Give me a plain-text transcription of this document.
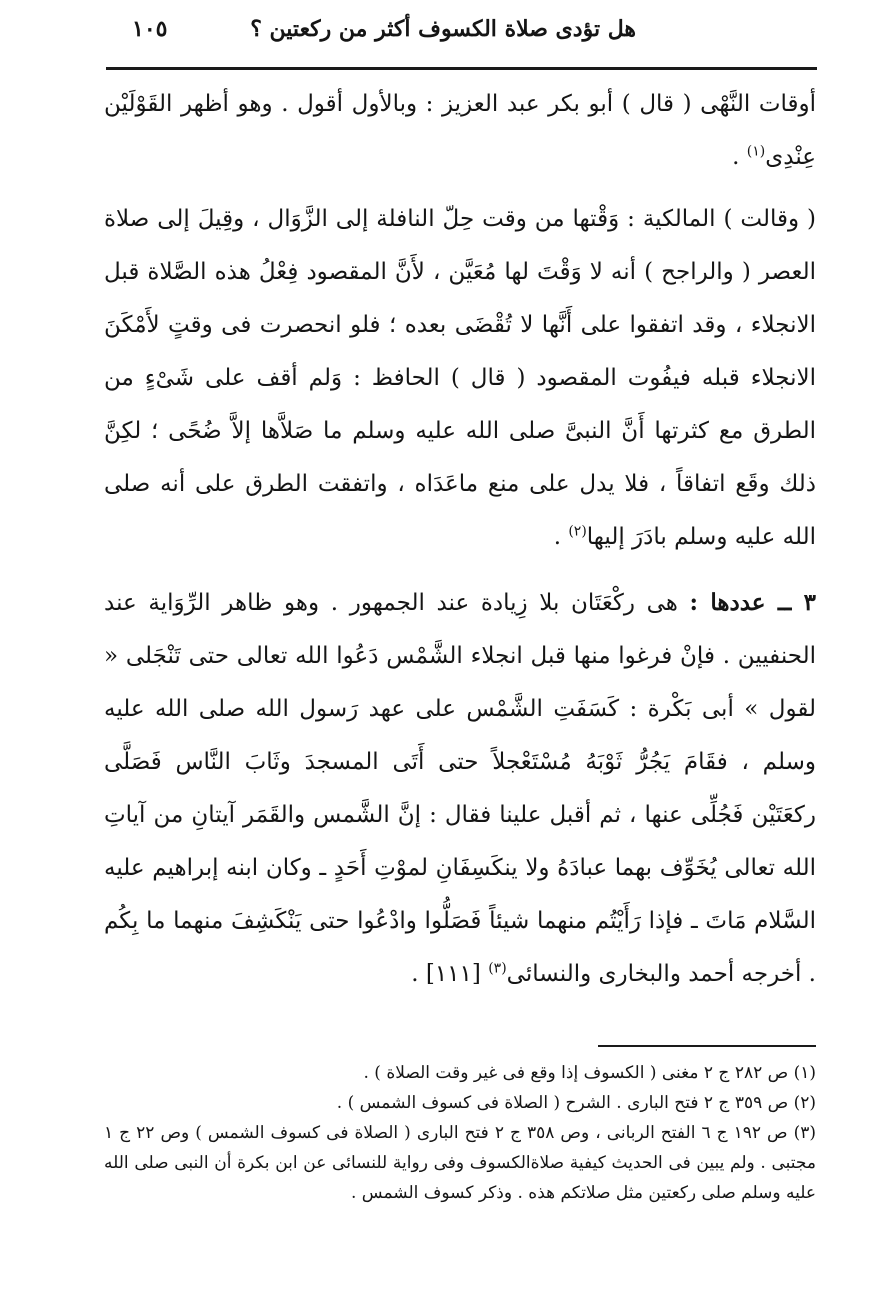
هل تؤدى صلاة الكسوف أكثر من ركعتين ؟
١٠٥

أوقات النَّهْى ( قال ) أبو بكر عبد العزيز : وبالأول أقول . وهو أظهر القَوْلَيْن عِنْدِى$^{(١)}$ .

( وقالت ) المالكية : وَقْتها من وقت حِلّ النافلة إلى الزَّوَال ، وقِيلَ إلى صلاة العصر ( والراجح ) أنه لا وَقْتَ لها مُعَيَّن ، لأَنَّ المقصود فِعْلُ هذه الصَّلاة قبل الانجلاء ، وقد اتفقوا على أَنَّها لا تُقْضَى بعده ؛ فلو انحصرت فى وقتٍ لأَمْكَنَ الانجلاء قبله فيفُوت المقصود ( قال ) الحافظ : وَلم أقف على شَىْءٍ من الطرق مع كثرتها أَنَّ النبىَّ صلى الله عليه وسلم ما صَلاَّها إلاَّ ضُحًى ؛ لكِنَّ ذلك وقَع اتفاقاً ، فلا يدل على منع ماعَدَاه ، واتفقت الطرق على أنه صلى الله عليه وسلم بادَرَ إليها$^{(٢)}$ .

٣ ــ عددها : هى ركْعَتَان بلا زِيادة عند الجمهور . وهو ظاهر الرِّوَاية عند الحنفيين . فإنْ فرغوا منها قبل انجلاء الشَّمْس دَعُوا الله تعالى حتى تَنْجَلى « لقول » أبى بَكْرة : كَسَفَتِ الشَّمْس على عهد رَسول الله صلى الله عليه وسلم ، فقَامَ يَجُرُّ ثَوْبَهُ مُسْتَعْجلاً حتى أَتَى المسجدَ وثَابَ النَّاس فَصَلَّى ركعَتَيْن فَجُلِّى عنها ، ثم أقبل علينا فقال : إنَّ الشَّمس والقَمَر آيتانِ من آياتِ الله تعالى يُخَوِّف بهما عبادَهُ ولا ينكَسِفَانِ لموْتِ أَحَدٍ ـ وكان ابنه إبراهيم عليه السَّلام مَاتَ ـ فإذا رَأَيْتُم منهما شيئاً فَصَلُّوا وادْعُوا حتى يَنْكَشِفَ منهما ما بِكُم . أخرجه أحمد والبخارى والنسائى$^{(٣)}$ [١١١] .

(١) ص ٢٨٢ ج ٢ مغنى ( الكسوف إذا وقع فى غير وقت الصلاة ) .

(٢) ص ٣٥٩ ج ٢ فتح البارى . الشرح ( الصلاة فى كسوف الشمس ) .

(٣) ص ١٩٢ ج ٦ الفتح الربانى ، وص ٣٥٨ ج ٢ فتح البارى ( الصلاة فى كسوف الشمس ) وص ٢٢ ج ١ مجتبى . ولم يبين فى الحديث كيفية صلاةالكسوف وفى رواية للنسائى عن ابن بكرة أن النبى صلى الله عليه وسلم صلى ركعتين مثل صلاتكم هذه . وذكر كسوف الشمس .
